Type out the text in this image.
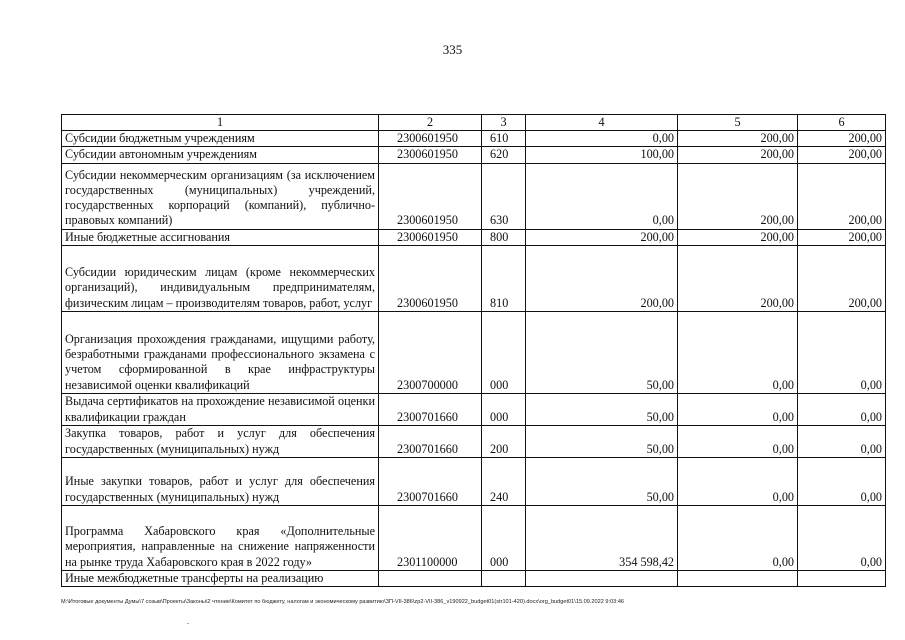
335
1	2	3	4	5	6
Субсидии бюджетным учреждениям	2300601950	610	0,00	200,00	200,00
Субсидии автономным учреждениям	2300601950	620	100,00	200,00	200,00
Субсидии некоммерческим организациям (за исключением государственных (муниципальных) учреждений, государственных корпораций (компаний), публично-правовых компаний)	2300601950	630	0,00	200,00	200,00
Иные бюджетные ассигнования	2300601950	800	200,00	200,00	200,00
Субсидии юридическим лицам (кроме некоммерческих организаций), индивидуальным предпринимателям, физическим лицам – производителям товаров, работ, услуг	2300601950	810	200,00	200,00	200,00
Организация прохождения гражданами, ищущими работу, безработными гражданами профессионального экзамена с учетом сформированной в крае инфраструктуры независимой оценки квалификаций	2300700000	000	50,00	0,00	0,00
Выдача сертификатов на прохождение независимой оценки квалификации граждан	2300701660	000	50,00	0,00	0,00
Закупка товаров, работ и услуг для обеспечения государственных (муниципальных) нужд	2300701660	200	50,00	0,00	0,00
Иные закупки товаров, работ и услуг для обеспечения государственных (муниципальных) нужд	2300701660	240	50,00	0,00	0,00
Программа Хабаровского края «Дополнительные мероприятия, направленные на снижение напряженности на рынке труда Хабаровского края в 2022 году»	2301100000	000	354 598,42	0,00	0,00
Иные межбюджетные трансферты на реализацию					
M:\Итоговые документы Думы\7 созыв\Проекты\Законы\2 чтение\Комитет по бюджету, налогам и экономическому развитию\ЗП-VII-386\zp2-VII-386_v190922_budget01(str101-420).docx\org_budget01\15.09.2022 9:03:46
.
